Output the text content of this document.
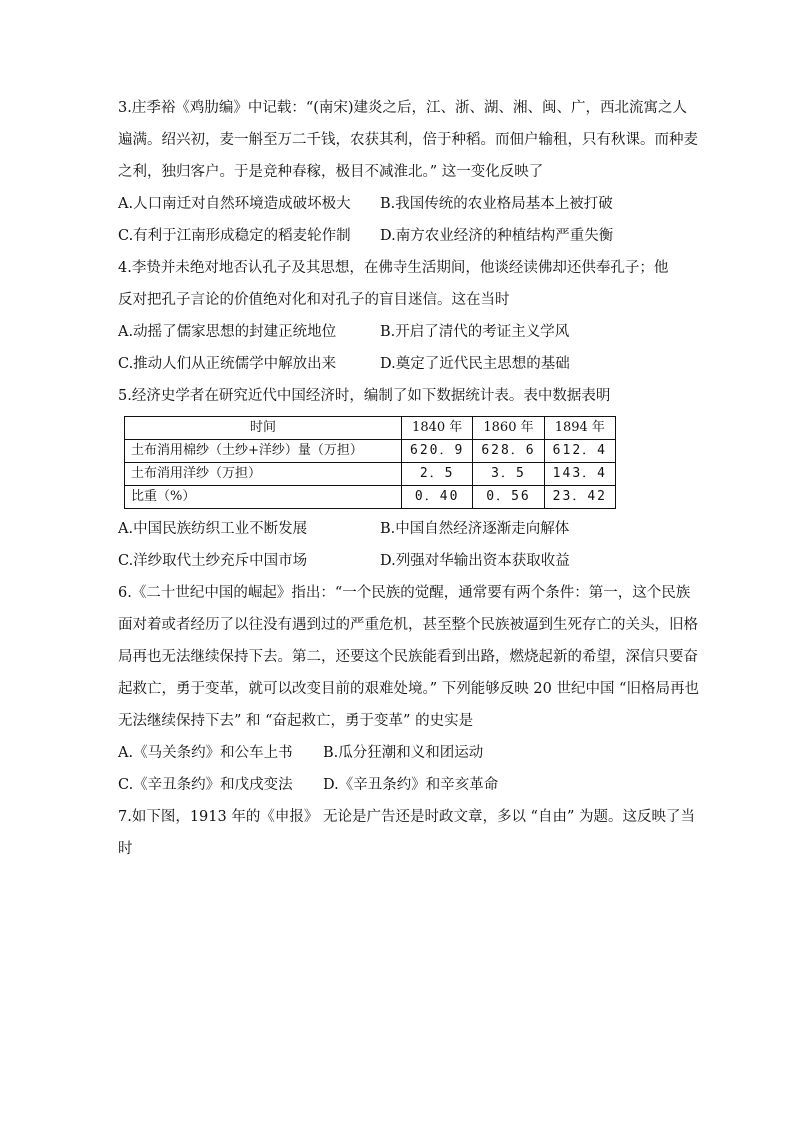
3.庄季裕《鸡肋编》中记载：“(南宋)建炎之后，江、浙、湖、湘、闽、广，西北流寓之人
遍满。绍兴初，麦一斛至万二千钱，农获其利，倍于种稻。而佃户输租，只有秋课。而种麦
之利，独归客户。于是竞种春稼，极目不减淮北。” 这一变化反映了
A.人口南迁对自然环境造成破坏极大	B.我国传统的农业格局基本上被打破
C.有利于江南形成稳定的稻麦轮作制	D.南方农业经济的种植结构严重失衡
4.李贽并未绝对地否认孔子及其思想，在佛寺生活期间，他谈经读佛却还供奉孔子；他
反对把孔子言论的价值绝对化和对孔子的盲目迷信。这在当时
A.动摇了儒家思想的封建正统地位	B.开启了清代的考证主义学风
C.推动人们从正统儒学中解放出来	D.奠定了近代民主思想的基础
5.经济史学者在研究近代中国经济时，编制了如下数据统计表。表中数据表明
时间	1840 年	1860 年	1894 年
土布消用棉纱（土纱+洋纱）量（万担）	620．9	628．6	612．4
土布消用洋纱（万担）	2．5	3．5	143．4
比重（%）	0．40	0．56	23．42
A.中国民族纺织工业不断发展	B.中国自然经济逐渐走向解体
C.洋纱取代土纱充斥中国市场	D.列强对华输出资本获取收益
6.《二十世纪中国的崛起》指出：“一个民族的觉醒，通常要有两个条件：第一，这个民族
面对着或者经历了以往没有遇到过的严重危机，甚至整个民族被逼到生死存亡的关头，旧格
局再也无法继续保持下去。第二，还要这个民族能看到出路，燃烧起新的希望，深信只要奋
起救亡，勇于变革，就可以改变目前的艰难处境。” 下列能够反映 20 世纪中国 “旧格局再也
无法继续保持下去” 和 “奋起救亡，勇于变革” 的史实是
A.《马关条约》和公车上书	B.瓜分狂潮和义和团运动
C.《辛丑条约》和戊戌变法	D.《辛丑条约》和辛亥革命
7.如下图，1913 年的《申报》 无论是广告还是时政文章，多以 “自由” 为题。这反映了当
时
